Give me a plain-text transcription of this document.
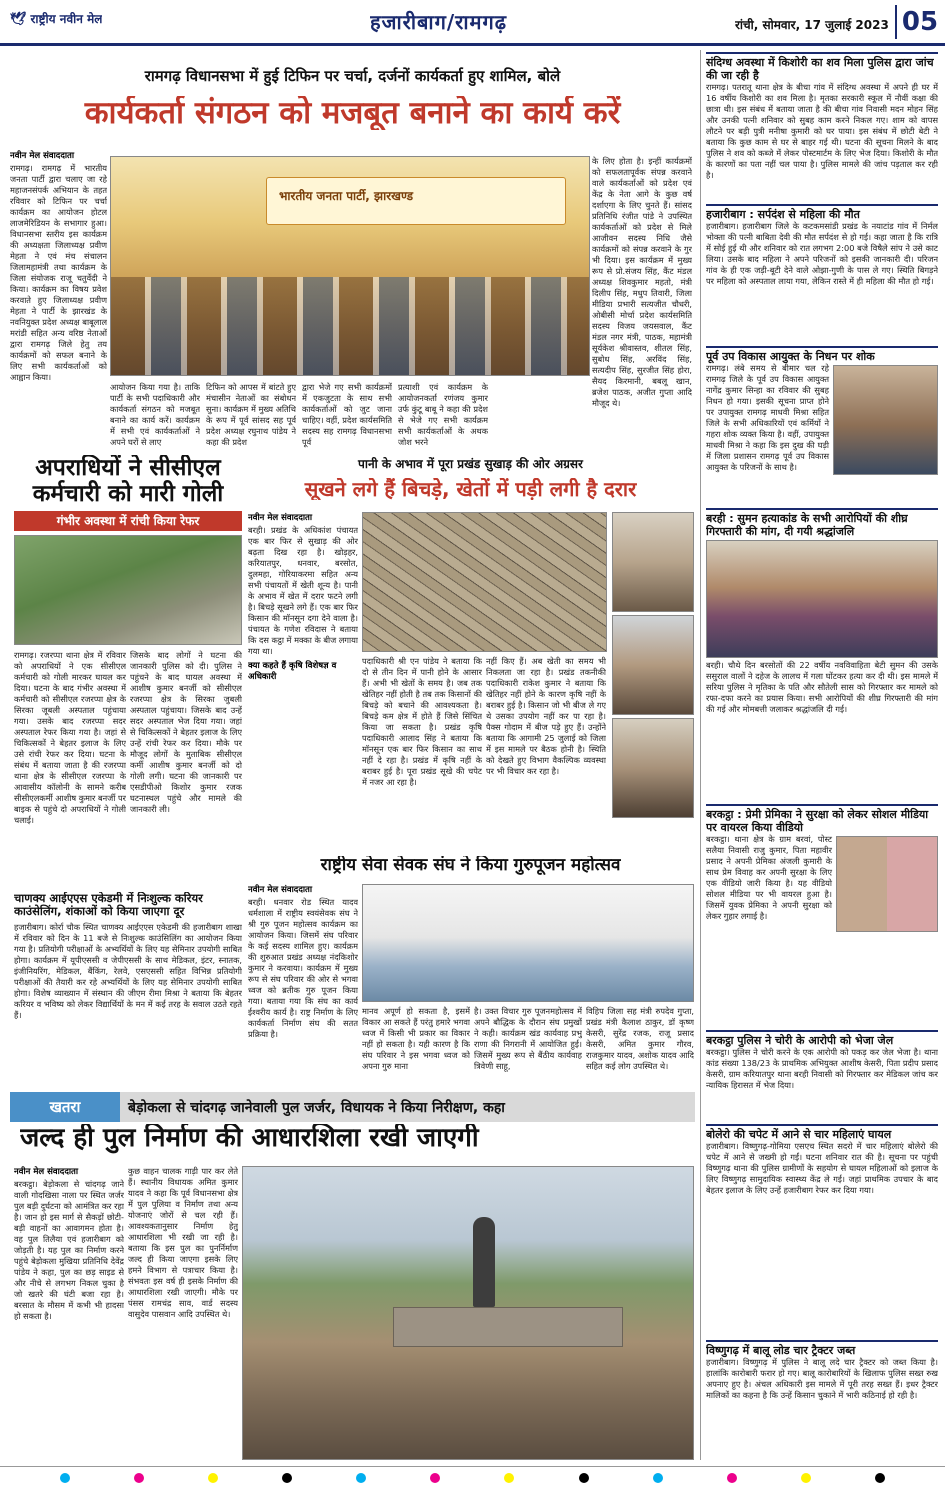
🕊 राष्ट्रीय नवीन मेल	हजारीबाग/रामगढ़	रांची, सोमवार, 17 जुलाई 2023 05
रामगढ़ विधानसभा में हुई टिफिन पर चर्चा, दर्जनों कार्यकर्ता हुए शामिल, बोले
कार्यकर्ता संगठन को मजबूत बनाने का कार्य करें
नवीन मेल संवाददाता
रामगढ़। रामगढ़ में भारतीय जनता पार्टी द्वारा चलाए जा रहे महाजनसंपर्क अभियान के तहत रविवार को टिफिन पर चर्चा कार्यक्रम का आयोजन होटल लाजमेरिडियन के सभागार हुआ। विधानसभा स्तरीय इस कार्यक्रम की अध्यक्षता जिलाध्यक्ष प्रवीण मेहता ने एवं मंच संचालन जिलामहामंत्री तथा कार्यक्रम के जिला संयोजक राजू चतुर्वेदी ने किया। कार्यक्रम का विषय प्रवेश करवाते हुए जिलाध्यक्ष प्रवीण मेहता ने पार्टी के झारखंड के नवनियुक्त प्रदेश अध्यक्ष बाबूलाल मरांडी सहित अन्य वरिष्ठ नेताओं द्वारा रामगढ़ जिले हेतु तय कार्यक्रमों को सफल बनाने के लिए सभी कार्यकर्ताओं को आह्वान किया।
भारतीय जनता पार्टी, झारखण्ड
के लिए होता है। इन्हीं कार्यक्रमों को सफलतापूर्वक संपन्न करवाने वाले कार्यकर्ताओं को प्रदेश एवं केंद्र के नेता आगे के कुछ वर्ष दर्शाएगा के लिए चुनते हैं। सांसद प्रतिनिधि रंजीत पांडे ने उपस्थित कार्यकर्ताओं को प्रदेश से मिले आजीवन सदस्य निधि जैसे कार्यक्रमों को संपन्न करवाने के गुर भी दिया। इस कार्यक्रम में मुख्य रूप से प्रो.संजय सिंह, कैंट मंडल अध्यक्ष शिवकुमार महतो, मंत्री दिलीप सिंह, मधुप तिवारी, जिला मीडिया प्रभारी सत्यजीत चौधरी, ओबीसी मोर्चा प्रदेश कार्यसमिति सदस्य विजय जयसवाल, कैंट मंडल नगर मंत्री, पाठक, महामंत्री सूर्यकेश श्रीवास्तव, शीतल सिंह, सुबोध सिंह, अरविंद सिंह, सत्यदीप सिंह, सुरजीत सिंह होरा, सैयद किरमानी, बबलू खान, ब्रजेश पाठक, अजीत गुप्ता आदि मौजूद थे।
आयोजन किया गया है। ताकि पार्टी के सभी पदाधिकारी और कार्यकर्ता संगठन को मजबूत बनाने का कार्य करें। कार्यक्रम में सभी एवं कार्यकर्ताओं ने अपने घरों से लाए
टिफिन को आपस में बांटते हुए मंचासीन नेताओं का संबोधन सुना। कार्यक्रम में मुख्य अतिथि के रूप में पूर्व सांसद सह पूर्व प्रदेश अध्यक्ष रघुनाथ पांडेय ने कहा की प्रदेश
द्वारा भेजे गए सभी कार्यक्रमों में एकजुटता के साथ सभी कार्यकर्ताओं को जुट जाना चाहिए। वहीं, प्रदेश कार्यसमिति सदस्य सह रामगढ़ विधानसभा पूर्व
प्रत्याशी एवं कार्यक्रम के आयोजनकर्ता रणंजय कुमार उर्फ कुंटू बाबू ने कहा की प्रदेश से भेजे गए सभी कार्यक्रम सभी कार्यकर्ताओं के अथक जोश भरने
अपराधियों ने सीसीएल कर्मचारी को मारी गोली
गंभीर अवस्था में रांची किया रेफर
रामगढ़। रजरप्पा थाना क्षेत्र में रविवार को अपराधियों ने एक सीसीएल कर्मचारी को गोली मारकर घायल कर दिया। घटना के बाद गंभीर अवस्था में कर्मचारी को सीसीएल रजरप्पा क्षेत्र के सिरका जूबली अस्पताल पहुंचाया गया। उसके बाद रजरप्पा सदर अस्पताल रेफर किया गया है। जहां से चिकित्सकों ने बेहतर इलाज के लिए उसे रांची रेफर कर दिया। घटना के संबंध में बताया जाता है की रजरप्पा थाना क्षेत्र के सीसीएल रजरप्पा के आवासीय कॉलोनी के सामने करीब सीसीएलकर्मी आशीष कुमार बनर्जी पर बाइक से पहुंचे दो अपराधियों ने गोली चलाई।
जिसके बाद लोगों ने घटना की जानकारी पुलिस को दी। पुलिस ने पहुंचने के बाद घायल अवस्था में आशीष कुमार बनर्जी को सीसीएल रजरप्पा क्षेत्र के सिरका जुबली अस्पताल पहुंचाया। जिसके बाद उन्हें सदर अस्पताल भेज दिया गया। जहां से चिकित्सकों ने बेहतर इलाज के लिए उन्हें रांची रेफर कर दिया। मौके पर मौजूद लोगों के मुताबिक सीसीएल कर्मी आशीष कुमार बनर्जी को दो गोली लगी। घटना की जानकारी पर एसडीपीओ किशोर कुमार रजक घटनास्थल पहुंचे और मामले की जानकारी ली।
पानी के अभाव में पूरा प्रखंड सुखाड़ की ओर अग्रसर
सूखने लगे हैं बिचड़े, खेतों में पड़ी लगी है दरार
नवीन मेल संवाददाता
बरही। प्रखंड के अधिकांश पंचायत एक बार फिर से सुखाड़ की ओर बढ़ता दिख रहा है। खोड़हर, करियातपुर, धनवार, बरसोत, दुलमहा, गोरियाकरमा सहित अन्य सभी पंचायतों में खेती शून्य है। पानी के अभाव में खेत में दरार फटने लगी है। बिचड़े सूखने लगे हैं। एक बार फिर किसान की मॉनसून दगा देने वाला है। पंचायत के गणेश रविदास ने बताया कि दस कट्ठा में मक्का के बीज लगाया गया था।
क्या कहते हैं कृषि विशेषज्ञ व अधिकारी
पदाधिकारी श्री एन पांडेय ने बताया कि दो से तीन दिन में पानी होने के आसार हैं। अभी भी खेतों के समय है। जब तक खेतिहर नहीं होती है तब तक किसानों की बिचड़े को बचाने की आवश्यकता है। बिचड़े कम क्षेत्र में होते हैं जिसे सिंचित किया जा सकता है। प्रखंड कृषि पदाधिकारी आलाद सिंह ने बताया कि मॉनसून एक बार फिर किसान का साथ नहीं दे रहा है। प्रखंड में कृषि नहीं के बराबर हुई है। पूरा प्रखंड सूखे की चपेट में नजर आ रहा है।
नहीं किए हैं। अब खेती का समय भी निकलता जा रहा है। प्रखंड तकनीकी पदाधिकारी राकेश कुमार ने बताया कि खेतिहर नहीं होने के कारण कृषि नहीं के बराबर हुई है। किसान जो भी बीज ले गए थे उसका उपयोग नहीं कर पा रहा है। पैक्स गोदाम में बीज पड़े हुए हैं। उन्होंने बताया कि आगामी 25 जुलाई को जिला में इस मामले पर बैठक होनी है। स्थिति को देखते हुए विभाग वैकल्पिक व्यवस्था पर भी विचार कर रहा है।
चाणक्य आईएएस एकेडमी में निःशुल्क करियर काउंसेलिंग, शंकाओं को किया जाएगा दूर
हजारीबाग। कोर्रा चौक स्थित चाणक्य आईएएस एकेडमी की हजारीबाग शाखा में रविवार को दिन के 11 बजे से निःशुल्क काउंसिलिंग का आयोजन किया गया है। प्रतियोगी परीक्षाओं के अभ्यर्थियों के लिए यह सेमिनार उपयोगी साबित होगा। कार्यक्रम में यूपीएससी व जेपीएससी के साथ मेडिकल, इंटर, स्नातक, इंजीनियरिंग, मेडिकल, बैंकिंग, रेलवे, एसएससी सहित विभिन्न प्रतियोगी परीक्षाओं की तैयारी कर रहे अभ्यर्थियों के लिए यह सेमिनार उपयोगी साबित होगा। विशेष व्याख्यान में संस्थान की जीएम रीमा मिश्रा ने बताया कि बेहतर करियर व भविष्य को लेकर विद्यार्थियों के मन में कई तरह के सवाल उठते रहते हैं।
राष्ट्रीय सेवा सेवक संघ ने किया गुरुपूजन महोत्सव
नवीन मेल संवाददाता
बरही। धनवार रोड स्थित यादव धर्मशाला में राष्ट्रीय स्वयंसेवक संघ ने श्री गुरु पूजन महोत्सव कार्यक्रम का आयोजन किया। जिसमें संघ परिवार के कई सदस्य शामिल हुए। कार्यक्रम की शुरुआत प्रखंड अध्यक्ष नंदकिशोर कुमार ने करवाया। कार्यक्रम में मुख्य रूप से संघ परिवार की ओर से भगवा ध्वज को ब्रतीक गुरु पूजन किया गया। बताया गया कि संघ का कार्य ईश्वरीय कार्य है। राष्ट्र निर्माण के लिए कार्यकर्ता निर्माण संघ की सतत प्रक्रिया है।
मानव अपूर्ण हो सकता है, इसमें विकार आ सकते हैं परंतु हमारे भगवा ध्वज में किसी भी प्रकार का विकार नहीं हो सकता है। यही कारण है कि संघ परिवार ने इस भगवा ध्वज को अपना गुरु माना
है। उक्त विचार गुरु पूजनमहोत्सव में अपने बौद्धिक के दौरान संघ प्रमुखों ने कही। कार्यक्रम खंड कार्यवाह प्रभु राणा की निगरानी में आयोजित हुई। जिसमें मुख्य रूप से बैंठीय कार्यवाह त्रिवेणी साहू,
विहिप जिला सह मंत्री रुपदेव गुप्ता, प्रखंड मंत्री कैलाश ठाकुर, डॉ कृष्ण केसरी, सुरेंद्र रजक, राजू प्रसाद केसरी, अमित कुमार गौरव, राजकुमार यादव, अशोक यादव आदि सहित कई लोग उपस्थित थे।
खतरा	बेड़ोकला से चांदगढ़ जानेवाली पुल जर्जर, विधायक ने किया निरीक्षण, कहा
जल्द ही पुल निर्माण की आधारशिला रखी जाएगी
नवीन मेल संवाददाता
बरकट्ठा। बेड़ोकला से चांदगढ़ जाने वाली गोदखिसा नाला पर स्थित जर्जर पुल बड़ी दुर्घटना को आमंत्रित कर रहा है। जान हो इस मार्ग से सैकड़ों छोटी-बड़ी वाहनों का आवागमन होता है। वह पुल तिलैया एवं हजारीबाग को जोड़ती है। यह पुल का निर्माण करने पहुंचे बेड़ोकला मुखिया प्रतिनिधि देवेंद्र पांडेय ने कहा, पुल का छड़ साइड से और नीचे से लगभग निकल चुका है जो खतरे की घंटी बजा रहा है। बरसात के मौसम में कभी भी हादसा हो सकता है।
कुछ वाहन चालक गाड़ी पार कर लेते हैं। स्थानीय विधायक अमित कुमार यादव ने कहा कि पूर्व विधानसभा क्षेत्र में पुल पुलिया व निर्माण तथा अन्य योजनाएं जोरों से चल रही हैं। आवश्यकतानुसार निर्माण हेतु आधारशिला भी रखी जा रही है। बताया कि इस पुल का पुनर्निर्माण जल्द ही किया जाएगा इसके लिए हमने विभाग से पत्राचार किया है। संभवतः इस वर्ष ही इसके निर्माण की आधारशिला रखी जाएगी। मौके पर पंसस रामचंद्र साव, वार्ड सदस्य वासुदेव पासवान आदि उपस्थित थे।
संदिग्ध अवस्था में किशोरी का शव मिला पुलिस द्वारा जांच की जा रही है
रामगढ़। पतरातू थाना क्षेत्र के बीचा गांव में संदिग्ध अवस्था में अपने ही घर में 16 वर्षीय किशोरी का शव मिला है। मृतका सरकारी स्कूल में नौवीं कक्षा की छात्रा थी। इस संबंध में बताया जाता है की बीचा गांव निवासी मदन मोहन सिंह और उनकी पत्नी शनिवार को सुबह काम करने निकल गए। शाम को वापस लौटने पर बड़ी पुत्री मनीषा कुमारी को घर पाया। इस संबंध में छोटी बेटी ने बताया कि कुछ काम से घर से बाहर गई थी। घटना की सूचना मिलने के बाद पुलिस ने शव को कब्जे में लेकर पोस्टमार्टम के लिए भेज दिया। किशोरी के मौत के कारणों का पता नहीं चल पाया है। पुलिस मामले की जांच पड़ताल कर रही है।
हजारीबाग : सर्पदंश से महिला की मौत
हजारीबाग। हजारीबाग जिले के कटकमसांडी प्रखंड के नयाटांड गांव में निर्मल भोक्ता की पत्नी बाबिता देवी की मौत सर्पदंश से हो गई। कहा जाता है कि रात्रि में सोई हुई थी और शनिवार को रात लगभग 2:00 बजे विषैले सांप ने उसे काट लिया। उसके बाद महिला ने अपने परिजनों को इसकी जानकारी दी। परिजन गांव के ही एक जड़ी-बूटी देने वाले ओझा-गुणी के पास ले गए। स्थिति बिगड़ने पर महिला को अस्पताल लाया गया, लेकिन रास्ते में ही महिला की मौत हो गई।
पूर्व उप विकास आयुक्त के निधन पर शोक
रामगढ़। लंबे समय से बीमार चल रहे रामगढ़ जिले के पूर्व उप विकास आयुक्त नागेंद्र कुमार सिन्हा का रविवार की सुबह निधन हो गया। इसकी सूचना प्राप्त होने पर उपायुक्त रामगढ़ माधवी मिश्रा सहित जिले के सभी अधिकारियों एवं कर्मियों ने गहरा शोक व्यक्त किया है। वहीं, उपायुक्त माधवी मिश्रा ने कहा कि इस दुख की घड़ी में जिला प्रशासन रामगढ़ पूर्व उप विकास आयुक्त के परिजनों के साथ है।
बरही : सुमन हत्याकांड के सभी आरोपियों की शीघ्र गिरफ्तारी की मांग, दी गयी श्रद्धांजलि
बरही। चौथे दिन बरसोतों की 22 वर्षीय नवविवाहिता बेटी सुमन की उसके ससुराल वालों ने दहेज के लालच में गला घोंटकर हत्या कर दी थी। इस मामले में सरिया पुलिस ने मृतिका के पति और सौतेली सास को गिरफ्तार कर मामले को रफा-दफा करने का प्रयास किया। सभी आरोपियों की शीघ्र गिरफ्तारी की मांग की गई और मोमबत्ती जलाकर श्रद्धांजलि दी गई।
बरकट्ठा : प्रेमी प्रेमिका ने सुरक्षा को लेकर सोशल मीडिया पर वायरल किया वीडियो
बरकट्ठा। थाना क्षेत्र के ग्राम बरवां, पोस्ट सलैया निवासी राजु कुमार, पिता महावीर प्रसाद ने अपनी प्रेमिका अंजली कुमारी के साथ प्रेम विवाह कर अपनी सुरक्षा के लिए एक वीडियो जारी किया है। यह वीडियो सोशल मीडिया पर भी वायरल हुआ है। जिसमें युवक प्रेमिका ने अपनी सुरक्षा को लेकर गुहार लगाई है।
बरकट्ठा पुलिस ने चोरी के आरोपी को भेजा जेल
बरकट्ठा। पुलिस ने चोरी करने के एक आरोपी को पकड़ कर जेल भेजा है। थाना कांड संख्या 138/23 के प्राथमिक अभियुक्त आशीष केसरी, पिता प्रदीप प्रसाद केसरी, ग्राम करियातपुर थाना बरही निवासी को गिरफ्तार कर मेडिकल जांच कर न्यायिक हिरासत में भेज दिया।
बोलेरो की चपेट में आने से चार महिलाएं घायल
हजारीबाग। विष्णुगढ़-गोमिया एसएच स्थित सदरो में चार महिलाएं बोलेरो की चपेट में आने से जख्मी हो गईं। घटना शनिवार रात की है। सूचना पर पहुंची विष्णुगढ़ थाना की पुलिस ग्रामीणों के सहयोग से घायल महिलाओं को इलाज के लिए विष्णुगढ़ सामुदायिक स्वास्थ्य केंद्र ले गई। जहां प्राथमिक उपचार के बाद बेहतर इलाज के लिए उन्हें हजारीबाग रेफर कर दिया गया।
विष्णुगढ़ में बालू लोड चार ट्रैक्टर जब्त
हजारीबाग। विष्णुगढ़ में पुलिस ने बालू लदे चार ट्रैक्टर को जब्त किया है। हालांकि कारोबारी फरार हो गए। बालू कारोबारियों के खिलाफ पुलिस सख्त रुख अपनाए हुए है। अंचल अधिकारी इस मामले में पूरी तरह सख्त हैं। इधर ट्रैक्टर मालिकों का कहना है कि उन्हें किसान चुकाने में भारी कठिनाई हो रही है।
